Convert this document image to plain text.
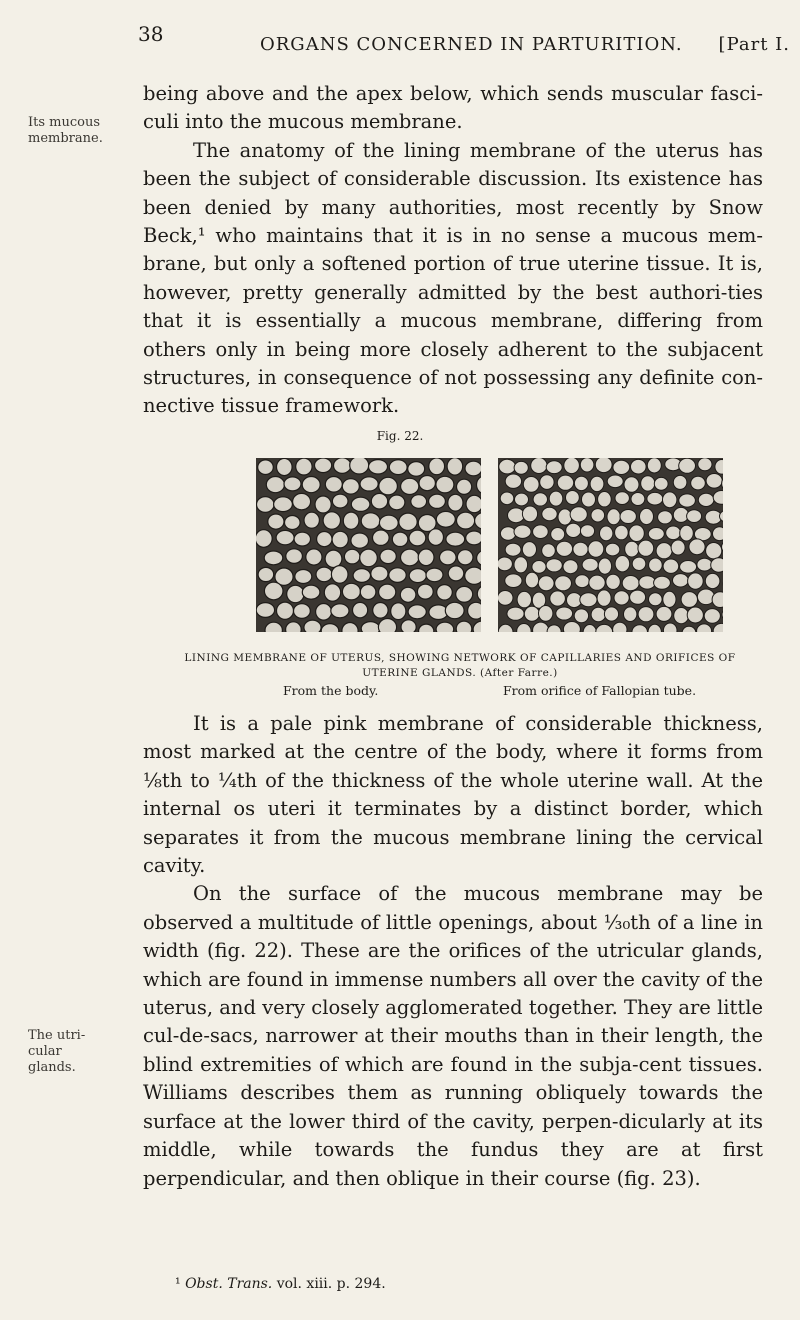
38	ORGANS CONCERNED IN PARTURITION. [Part I.
Its mucous membrane.
The utri-cular glands.

being above and the apex below, which sends muscular fasci-culi into the mucous membrane.

The anatomy of the lining membrane of the uterus has been the subject of considerable discussion. Its existence has been denied by many authorities, most recently by Snow Beck,¹ who maintains that it is in no sense a mucous mem-brane, but only a softened portion of true uterine tissue. It is, however, pretty generally admitted by the best authori-ties that it is essentially a mucous membrane, differing from others only in being more closely adherent to the subjacent structures, in consequence of not possessing any definite con-nective tissue framework.

Fig. 22.
LINING MEMBRANE OF UTERUS, SHOWING NETWORK OF CAPILLARIES AND ORIFICES OF UTERINE GLANDS. (After Farre.)
From the body.	From orifice of Fallopian tube.

It is a pale pink membrane of considerable thickness, most marked at the centre of the body, where it forms from ⅛th to ¼th of the thickness of the whole uterine wall. At the internal os uteri it terminates by a distinct border, which separates it from the mucous membrane lining the cervical cavity.

On the surface of the mucous membrane may be observed a multitude of little openings, about ¹⁄₃₀th of a line in width (fig. 22). These are the orifices of the utricular glands, which are found in immense numbers all over the cavity of the uterus, and very closely agglomerated together. They are little cul-de-sacs, narrower at their mouths than in their length, the blind extremities of which are found in the subja-cent tissues. Williams describes them as running obliquely towards the surface at the lower third of the cavity, perpen-dicularly at its middle, while towards the fundus they are at first perpendicular, and then oblique in their course (fig. 23).

¹ Obst. Trans. vol. xiii. p. 294.
